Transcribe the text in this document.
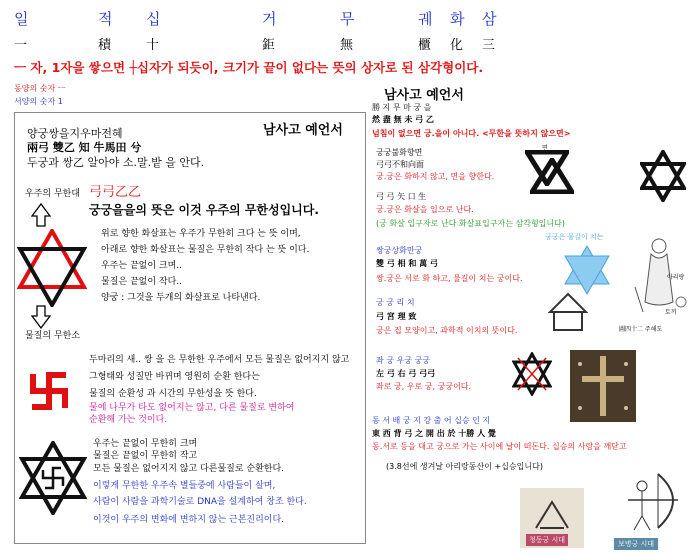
일	적 십	거	무	궤 화 삼
一	積	十	鉅	無	櫃 化 三
ㅡ 자, 1자을 쌓으면 ┼십자가 되듯이, 크기가 끝이 없다는 뜻의 상자로 된 삼각형이다.
동양의 숫자 ㅡ
서양의 숫자 1
남사고 예언서
양궁쌍을지우마전혜
兩弓 雙乙 知 牛馬田 兮
두궁과 쌍乙 알아야 소.말.밭 을 안다.
우주의 무한대
물질의 무한소
弓弓乙乙
궁궁을을의 뜻은 이것 우주의 무한성입니다.
위로 향한 화살표는 우주가 무한히 크다 는 뜻 이며,
아래로 향한 화살표는 물질은 무한히 작다 는 뜻 이다.
우주는 끝없이 크며..
물질은 끝없이 작다..
양궁 : 그것을 두개의 화살표로 나타낸다.
두마리의 새.. 쌍 을 은 무한한 우주에서 모든 물질은 없어지지 않고
그형태와 성질만 바뀌며 영원히 순환 한다는
물질의 순환성 과 시간의 무한성을 뜻 한다.
물에 나무가 타도 없어지는 않고, 다른 물질로 변하여
순환해 가는 것이다.
우주는 끝없이 무한히 크며
물질은 끝없이 무한히 작고
모든 물질은 없어지지 않고 다른물질로 순환한다.
이렇게 무한한 우주속 별들중에 사람들이 살며,
사람이 사람을 과학기술로 DNA을 설계하여 창조 한다.
이것이 우주의 변화에 변하지 않는 근본진리이다.
남사고 예언서
勝 지 무 마 궁 을
然 盡 無 未 弓 乙
넘침이 없으면 궁.을이 아니다. <무한을 뜻하지 않으면>
궁궁불화향면
弓弓不和向面
궁.궁은 화하지 않고, 면을 향한다.
弓 弓 矢 口 生
궁.궁은 화살을 입으로 난다.
(궁 화살 입구자로 난다 화살표입구자는 삼각형입니다)
면
쌍궁상화만궁
雙 弓 相 和 萬 弓
쌍.궁은 서로 화 하고, 물길이 치는 궁이다.
궁궁은 물길이 치는
아리랑
토끼
圖四十二 주해도
궁 궁 리 치
弓 宮 理 致
궁은 집 모양이고, 과학적 이치의 뜻이다.
좌 궁 우궁 궁궁
左 弓 右 弓 弓弓
좌로 궁, 우로 궁, 궁궁이다.
동 서 배 궁 지 강 출 어 십승 인 지
東 西 背 弓 之 開 出 於 十勝 人 覺
동.서로 등을 대고 궁으로 가는 사이에 날이 떠돈다. 십승의 사람을 깨닫고
(3.8선에 생겨날 아리랑동산이 +십승입니다)
청동궁 시대	보병궁 시대
